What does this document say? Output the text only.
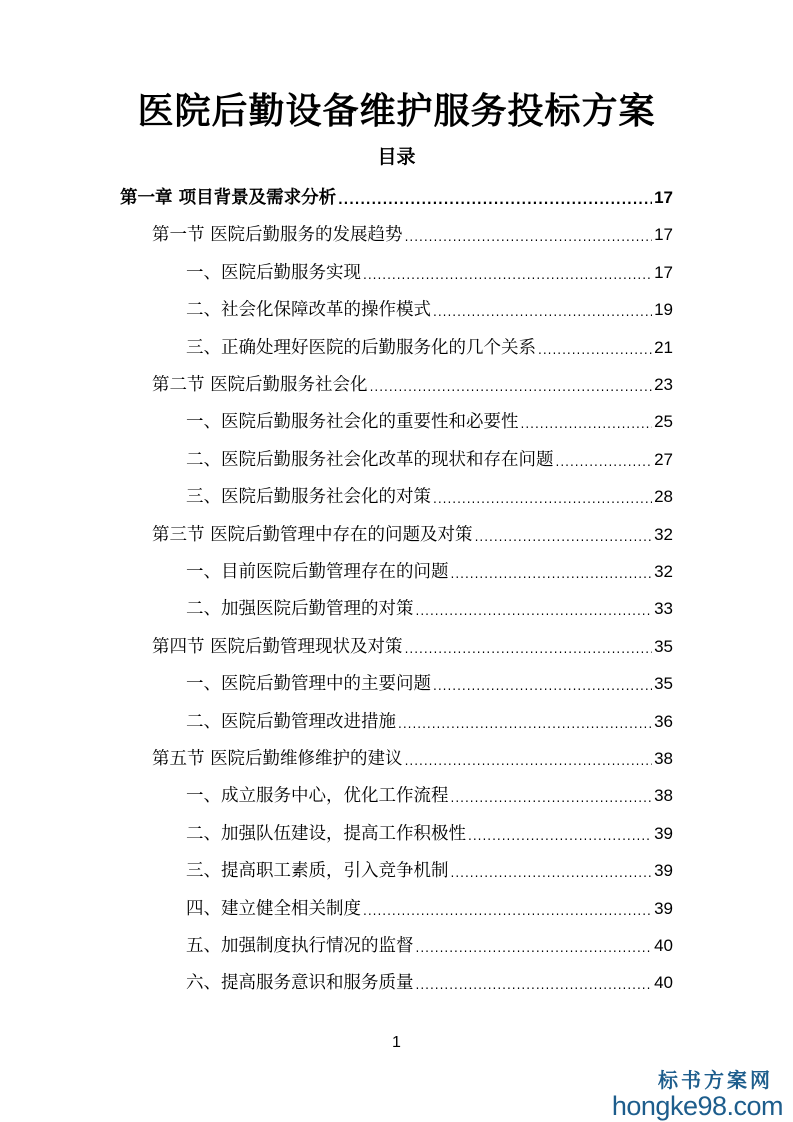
医院后勤设备维护服务投标方案
目录
第一章 项目背景及需求分析 .....	17
第一节 医院后勤服务的发展趋势 .....	17
一、医院后勤服务实现 .....	17
二、社会化保障改革的操作模式 .....	19
三、正确处理好医院的后勤服务化的几个关系 .....	21
第二节 医院后勤服务社会化 .....	23
一、医院后勤服务社会化的重要性和必要性 .....	25
二、医院后勤服务社会化改革的现状和存在问题 .....	27
三、医院后勤服务社会化的对策 .....	28
第三节 医院后勤管理中存在的问题及对策 .....	32
一、目前医院后勤管理存在的问题 .....	32
二、加强医院后勤管理的对策 .....	33
第四节 医院后勤管理现状及对策 .....	35
一、医院后勤管理中的主要问题 .....	35
二、医院后勤管理改进措施 .....	36
第五节 医院后勤维修维护的建议 .....	38
一、成立服务中心，优化工作流程 .....	38
二、加强队伍建设，提高工作积极性 .....	39
三、提高职工素质，引入竞争机制 .....	39
四、建立健全相关制度 .....	39
五、加强制度执行情况的监督 .....	40
六、提高服务意识和服务质量 .....	40
1
标书方案网
hongke98.com
